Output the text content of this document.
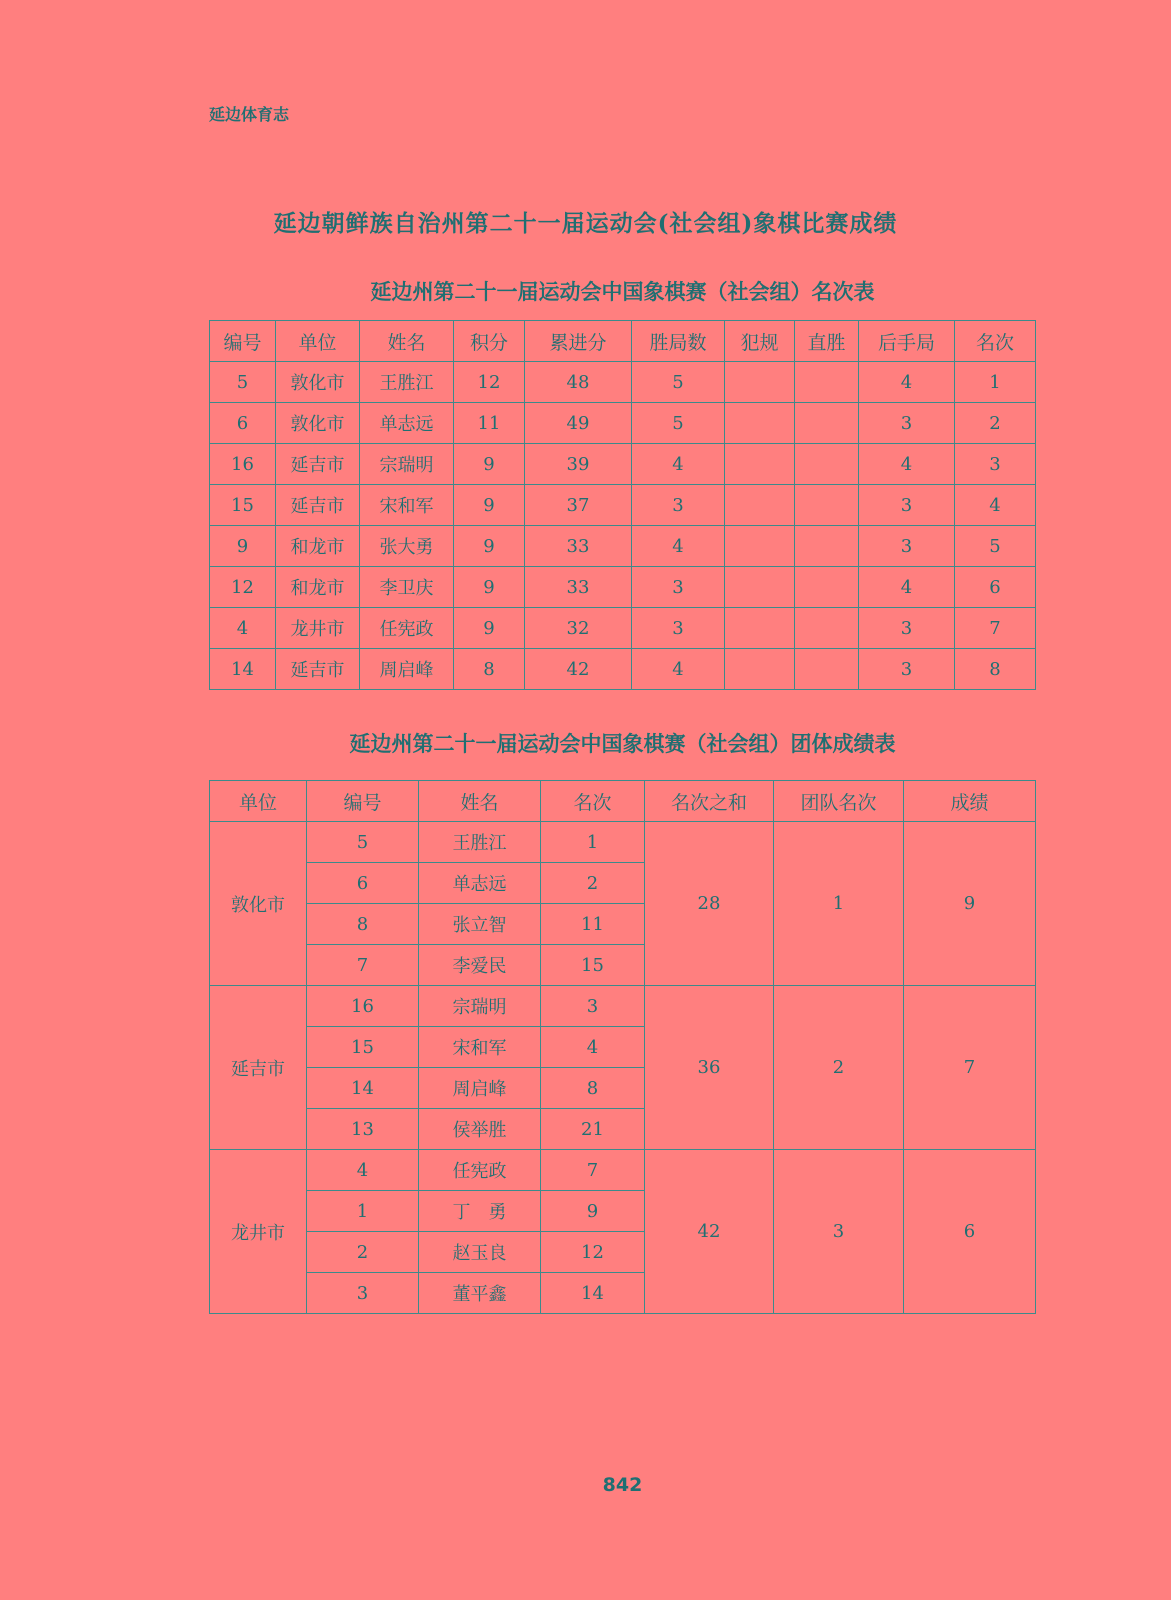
延边体育志
延边朝鲜族自治州第二十一届运动会(社会组)象棋比赛成绩
延边州第二十一届运动会中国象棋赛（社会组）名次表
编号	单位	姓名	积分	累进分	胜局数	犯规	直胜	后手局	名次
5	敦化市	王胜江	12	48	5			4	1
6	敦化市	单志远	11	49	5			3	2
16	延吉市	宗瑞明	9	39	4			4	3
15	延吉市	宋和军	9	37	3			3	4
9	和龙市	张大勇	9	33	4			3	5
12	和龙市	李卫庆	9	33	3			4	6
4	龙井市	任宪政	9	32	3			3	7
14	延吉市	周启峰	8	42	4			3	8
延边州第二十一届运动会中国象棋赛（社会组）团体成绩表
单位	编号	姓名	名次	名次之和	团队名次	成绩
敦化市	5	王胜江	1	28	1	9
	6	单志远	2			
	8	张立智	11			
	7	李爱民	15			
延吉市	16	宗瑞明	3	36	2	7
	15	宋和军	4			
	14	周启峰	8			
	13	侯举胜	21			
龙井市	4	任宪政	7	42	3	6
	1	丁　勇	9			
	2	赵玉良	12			
	3	董平鑫	14			
842
